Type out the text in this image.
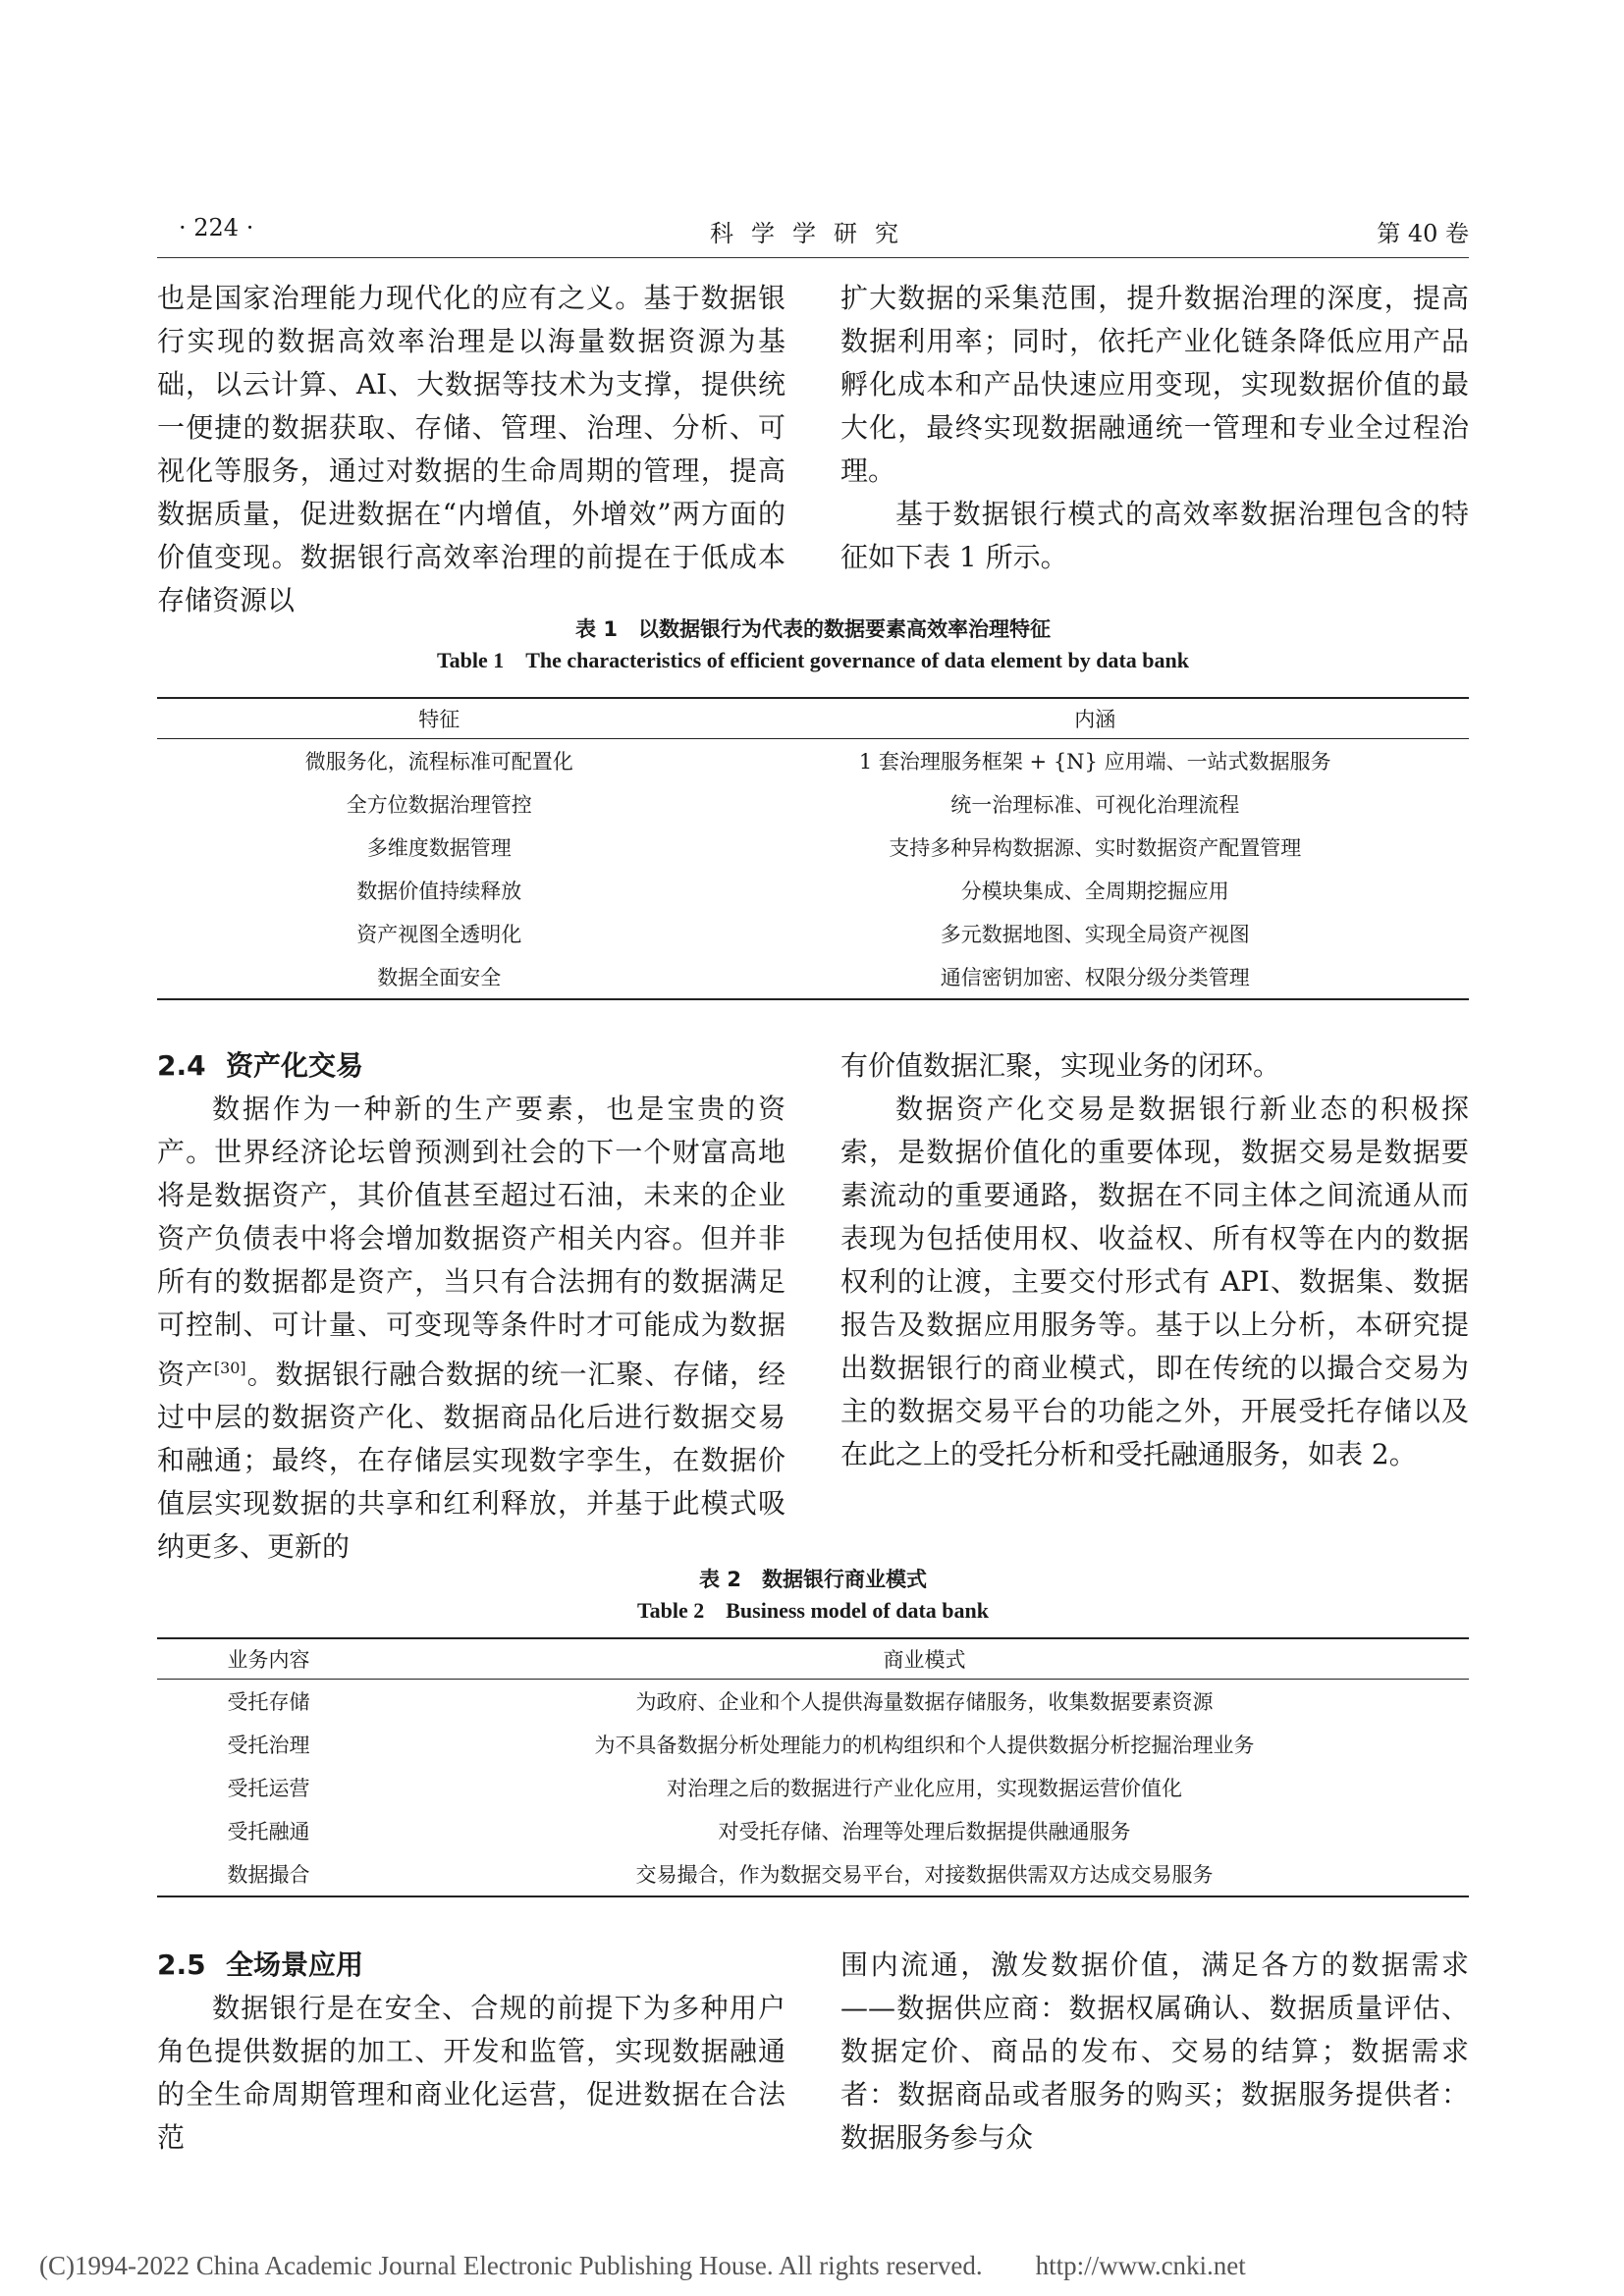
· 224 ·	科学学研究	第 40 卷

也是国家治理能力现代化的应有之义。基于数据银行实现的数据高效率治理是以海量数据资源为基础，以云计算、AI、大数据等技术为支撑，提供统一便捷的数据获取、存储、管理、治理、分析、可视化等服务，通过对数据的生命周期的管理，提高数据质量，促进数据在“内增值，外增效”两方面的价值变现。数据银行高效率治理的前提在于低成本存储资源以

扩大数据的采集范围，提升数据治理的深度，提高数据利用率；同时，依托产业化链条降低应用产品孵化成本和产品快速应用变现，实现数据价值的最大化，最终实现数据融通统一管理和专业全过程治理。

基于数据银行模式的高效率数据治理包含的特征如下表 1 所示。

表 1　以数据银行为代表的数据要素高效率治理特征
Table 1　The characteristics of efficient governance of data element by data bank
特征	内涵
微服务化，流程标准可配置化	1 套治理服务框架 + {N} 应用端、一站式数据服务
全方位数据治理管控	统一治理标准、可视化治理流程
多维度数据管理	支持多种异构数据源、实时数据资产配置管理
数据价值持续释放	分模块集成、全周期挖掘应用
资产视图全透明化	多元数据地图、实现全局资产视图
数据全面安全	通信密钥加密、权限分级分类管理
2.4 资产化交易

数据作为一种新的生产要素，也是宝贵的资产。世界经济论坛曾预测到社会的下一个财富高地将是数据资产，其价值甚至超过石油，未来的企业资产负债表中将会增加数据资产相关内容。但并非所有的数据都是资产，当只有合法拥有的数据满足可控制、可计量、可变现等条件时才可能成为数据资产[30]。数据银行融合数据的统一汇聚、存储，经过中层的数据资产化、数据商品化后进行数据交易和融通；最终，在存储层实现数字孪生，在数据价值层实现数据的共享和红利释放，并基于此模式吸纳更多、更新的

有价值数据汇聚，实现业务的闭环。

数据资产化交易是数据银行新业态的积极探索，是数据价值化的重要体现，数据交易是数据要素流动的重要通路，数据在不同主体之间流通从而表现为包括使用权、收益权、所有权等在内的数据权利的让渡，主要交付形式有 API、数据集、数据报告及数据应用服务等。基于以上分析，本研究提出数据银行的商业模式，即在传统的以撮合交易为主的数据交易平台的功能之外，开展受托存储以及在此之上的受托分析和受托融通服务，如表 2。

表 2　数据银行商业模式
Table 2　Business model of data bank
业务内容	商业模式
受托存储	为政府、企业和个人提供海量数据存储服务，收集数据要素资源
受托治理	为不具备数据分析处理能力的机构组织和个人提供数据分析挖掘治理业务
受托运营	对治理之后的数据进行产业化应用，实现数据运营价值化
受托融通	对受托存储、治理等处理后数据提供融通服务
数据撮合	交易撮合，作为数据交易平台，对接数据供需双方达成交易服务
2.5 全场景应用

数据银行是在安全、合规的前提下为多种用户角色提供数据的加工、开发和监管，实现数据融通的全生命周期管理和商业化运营，促进数据在合法范

围内流通，激发数据价值，满足各方的数据需求——数据供应商：数据权属确认、数据质量评估、数据定价、商品的发布、交易的结算；数据需求者：数据商品或者服务的购买；数据服务提供者：数据服务参与众

(C)1994-2022 China Academic Journal Electronic Publishing House. All rights reserved.　　http://www.cnki.net
